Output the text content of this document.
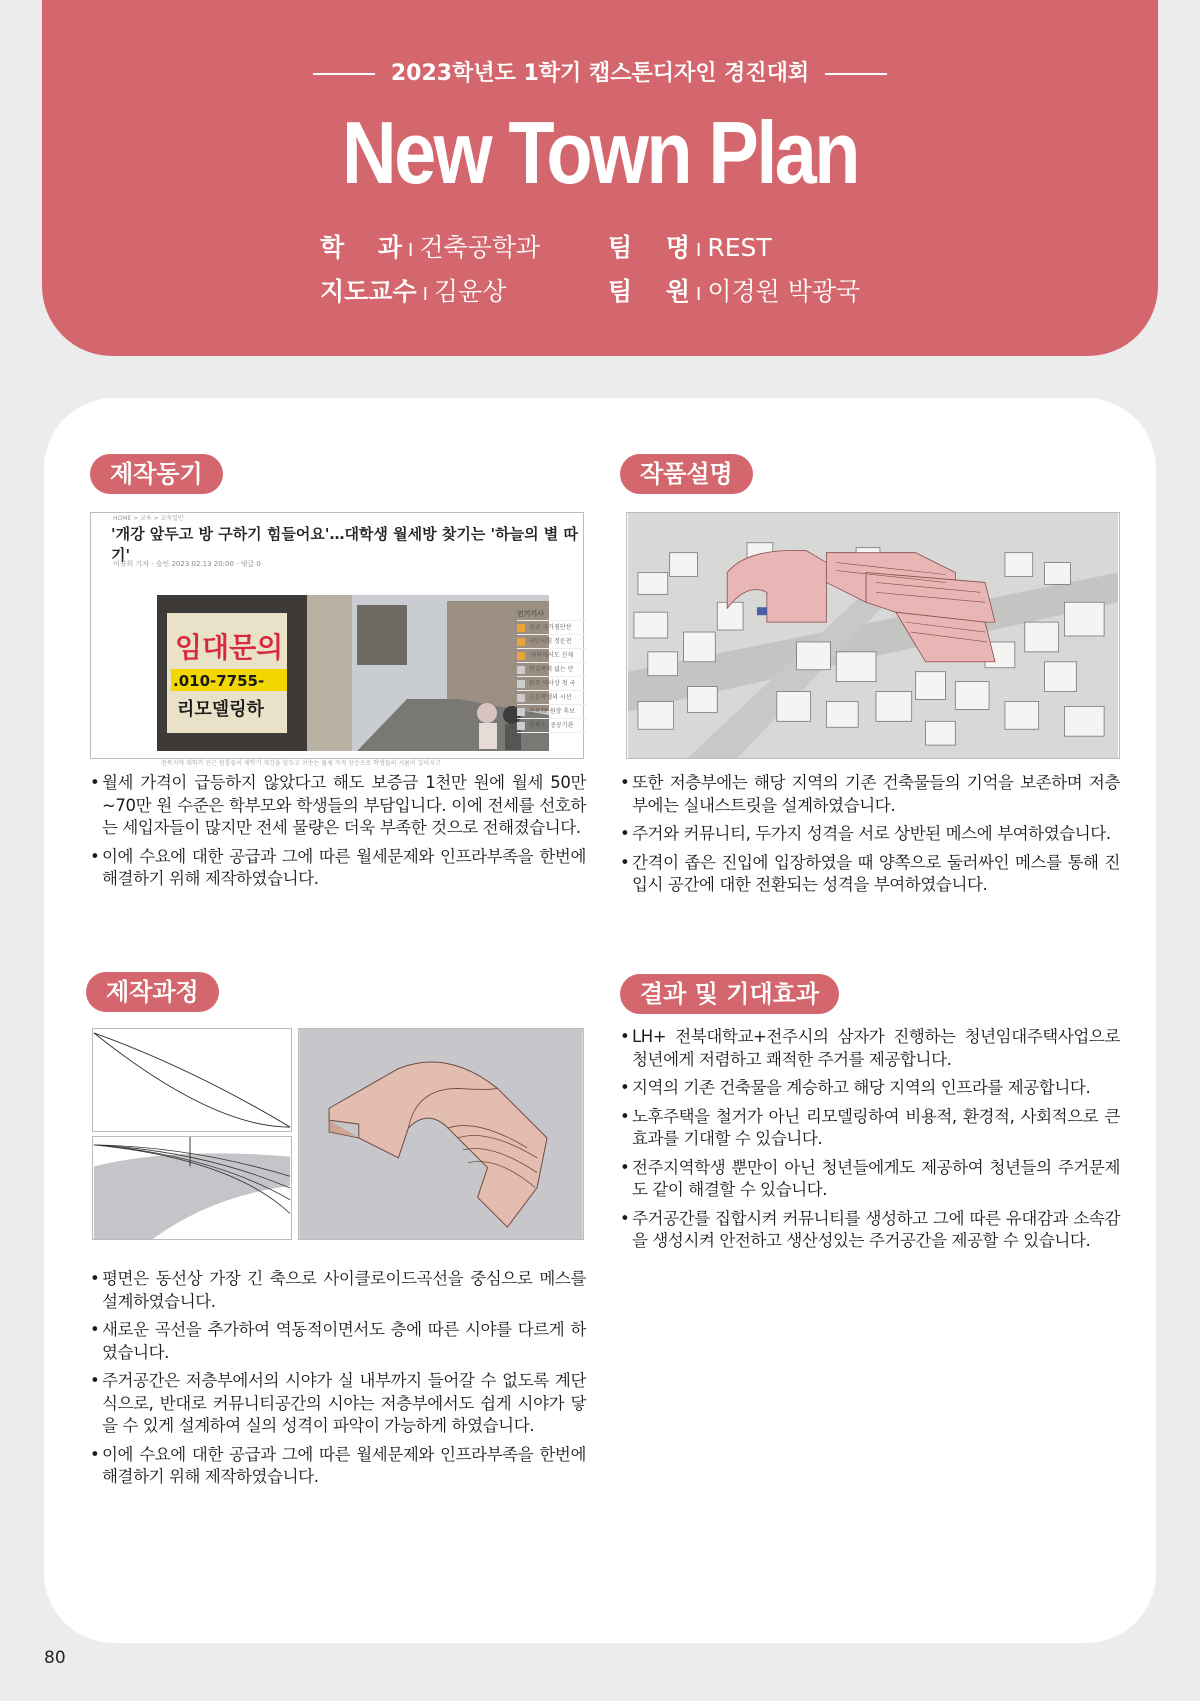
2023학년도 1학기 캡스톤디자인 경진대회
New Town Plan
학　 과 I 건축공학과
지도교수 I 김윤상
팀　 명 I REST
팀　 원 I 이경원 박광국
제작동기
HOME > 교육 > 교육일반
'개강 앞두고 방 구하기 힘들어요'…대학생 월세방 찾기는 '하늘의 별 따기'
이규희 기자 · 승인 2023.02.13 20:00 · 댓글 0
임대문의
.010-7755-
리모델링하
전북지역 대학가 인근 원룸들이 새학기 개강을 앞두고 치솟는 월세 가격 상승으로 학생들의 시름이 깊어지고
인기기사
신규 국가첨단산
국민의힘 정운천
'써닥에서도 신재
학교폭력 없는 안
완주 역사상 첫 국
고등학생의 시선
전북TP 원장 후보
전북도, 공공기관
• 월세 가격이 급등하지 않았다고 해도 보증금 1천만 원에 월세 50만 ~70만 원 수준은 학부모와 학생들의 부담입니다. 이에 전세를 선호하는 세입자들이 많지만 전세 물량은 더욱 부족한 것으로 전해졌습니다.
• 이에 수요에 대한 공급과 그에 따른 월세문제와 인프라부족을 한번에 해결하기 위해 제작하였습니다.
작품설명
• 또한 저층부에는 해당 지역의 기존 건축물들의 기억을 보존하며 저층부에는 실내스트릿을 설계하였습니다.
• 주거와 커뮤니티, 두가지 성격을 서로 상반된 메스에 부여하였습니다.
• 간격이 좁은 진입에 입장하였을 때 양쪽으로 둘러싸인 메스를 통해 진입시 공간에 대한 전환되는 성격을 부여하였습니다.
제작과정
• 평면은 동선상 가장 긴 축으로 사이클로이드곡선을 중심으로 메스를 설계하였습니다.
• 새로운 곡선을 추가하여 역동적이면서도 층에 따른 시야를 다르게 하였습니다.
• 주거공간은 저층부에서의 시야가 실 내부까지 들어갈 수 없도록 계단식으로, 반대로 커뮤니티공간의 시야는 저층부에서도 쉽게 시야가 닿을 수 있게 설계하여 실의 성격이 파악이 가능하게 하였습니다.
• 이에 수요에 대한 공급과 그에 따른 월세문제와 인프라부족을 한번에 해결하기 위해 제작하였습니다.
결과 및 기대효과
• LH+ 전북대학교+전주시의 삼자가 진행하는 청년임대주택사업으로 청년에게 저렴하고 쾌적한 주거를 제공합니다.
• 지역의 기존 건축물을 계승하고 해당 지역의 인프라를 제공합니다.
• 노후주택을 철거가 아닌 리모델링하여 비용적, 환경적, 사회적으로 큰 효과를 기대할 수 있습니다.
• 전주지역학생 뿐만이 아닌 청년들에게도 제공하여 청년들의 주거문제도 같이 해결할 수 있습니다.
• 주거공간를 집합시켜 커뮤니티를 생성하고 그에 따른 유대감과 소속감을 생성시켜 안전하고 생산성있는 주거공간을 제공할 수 있습니다.
80
